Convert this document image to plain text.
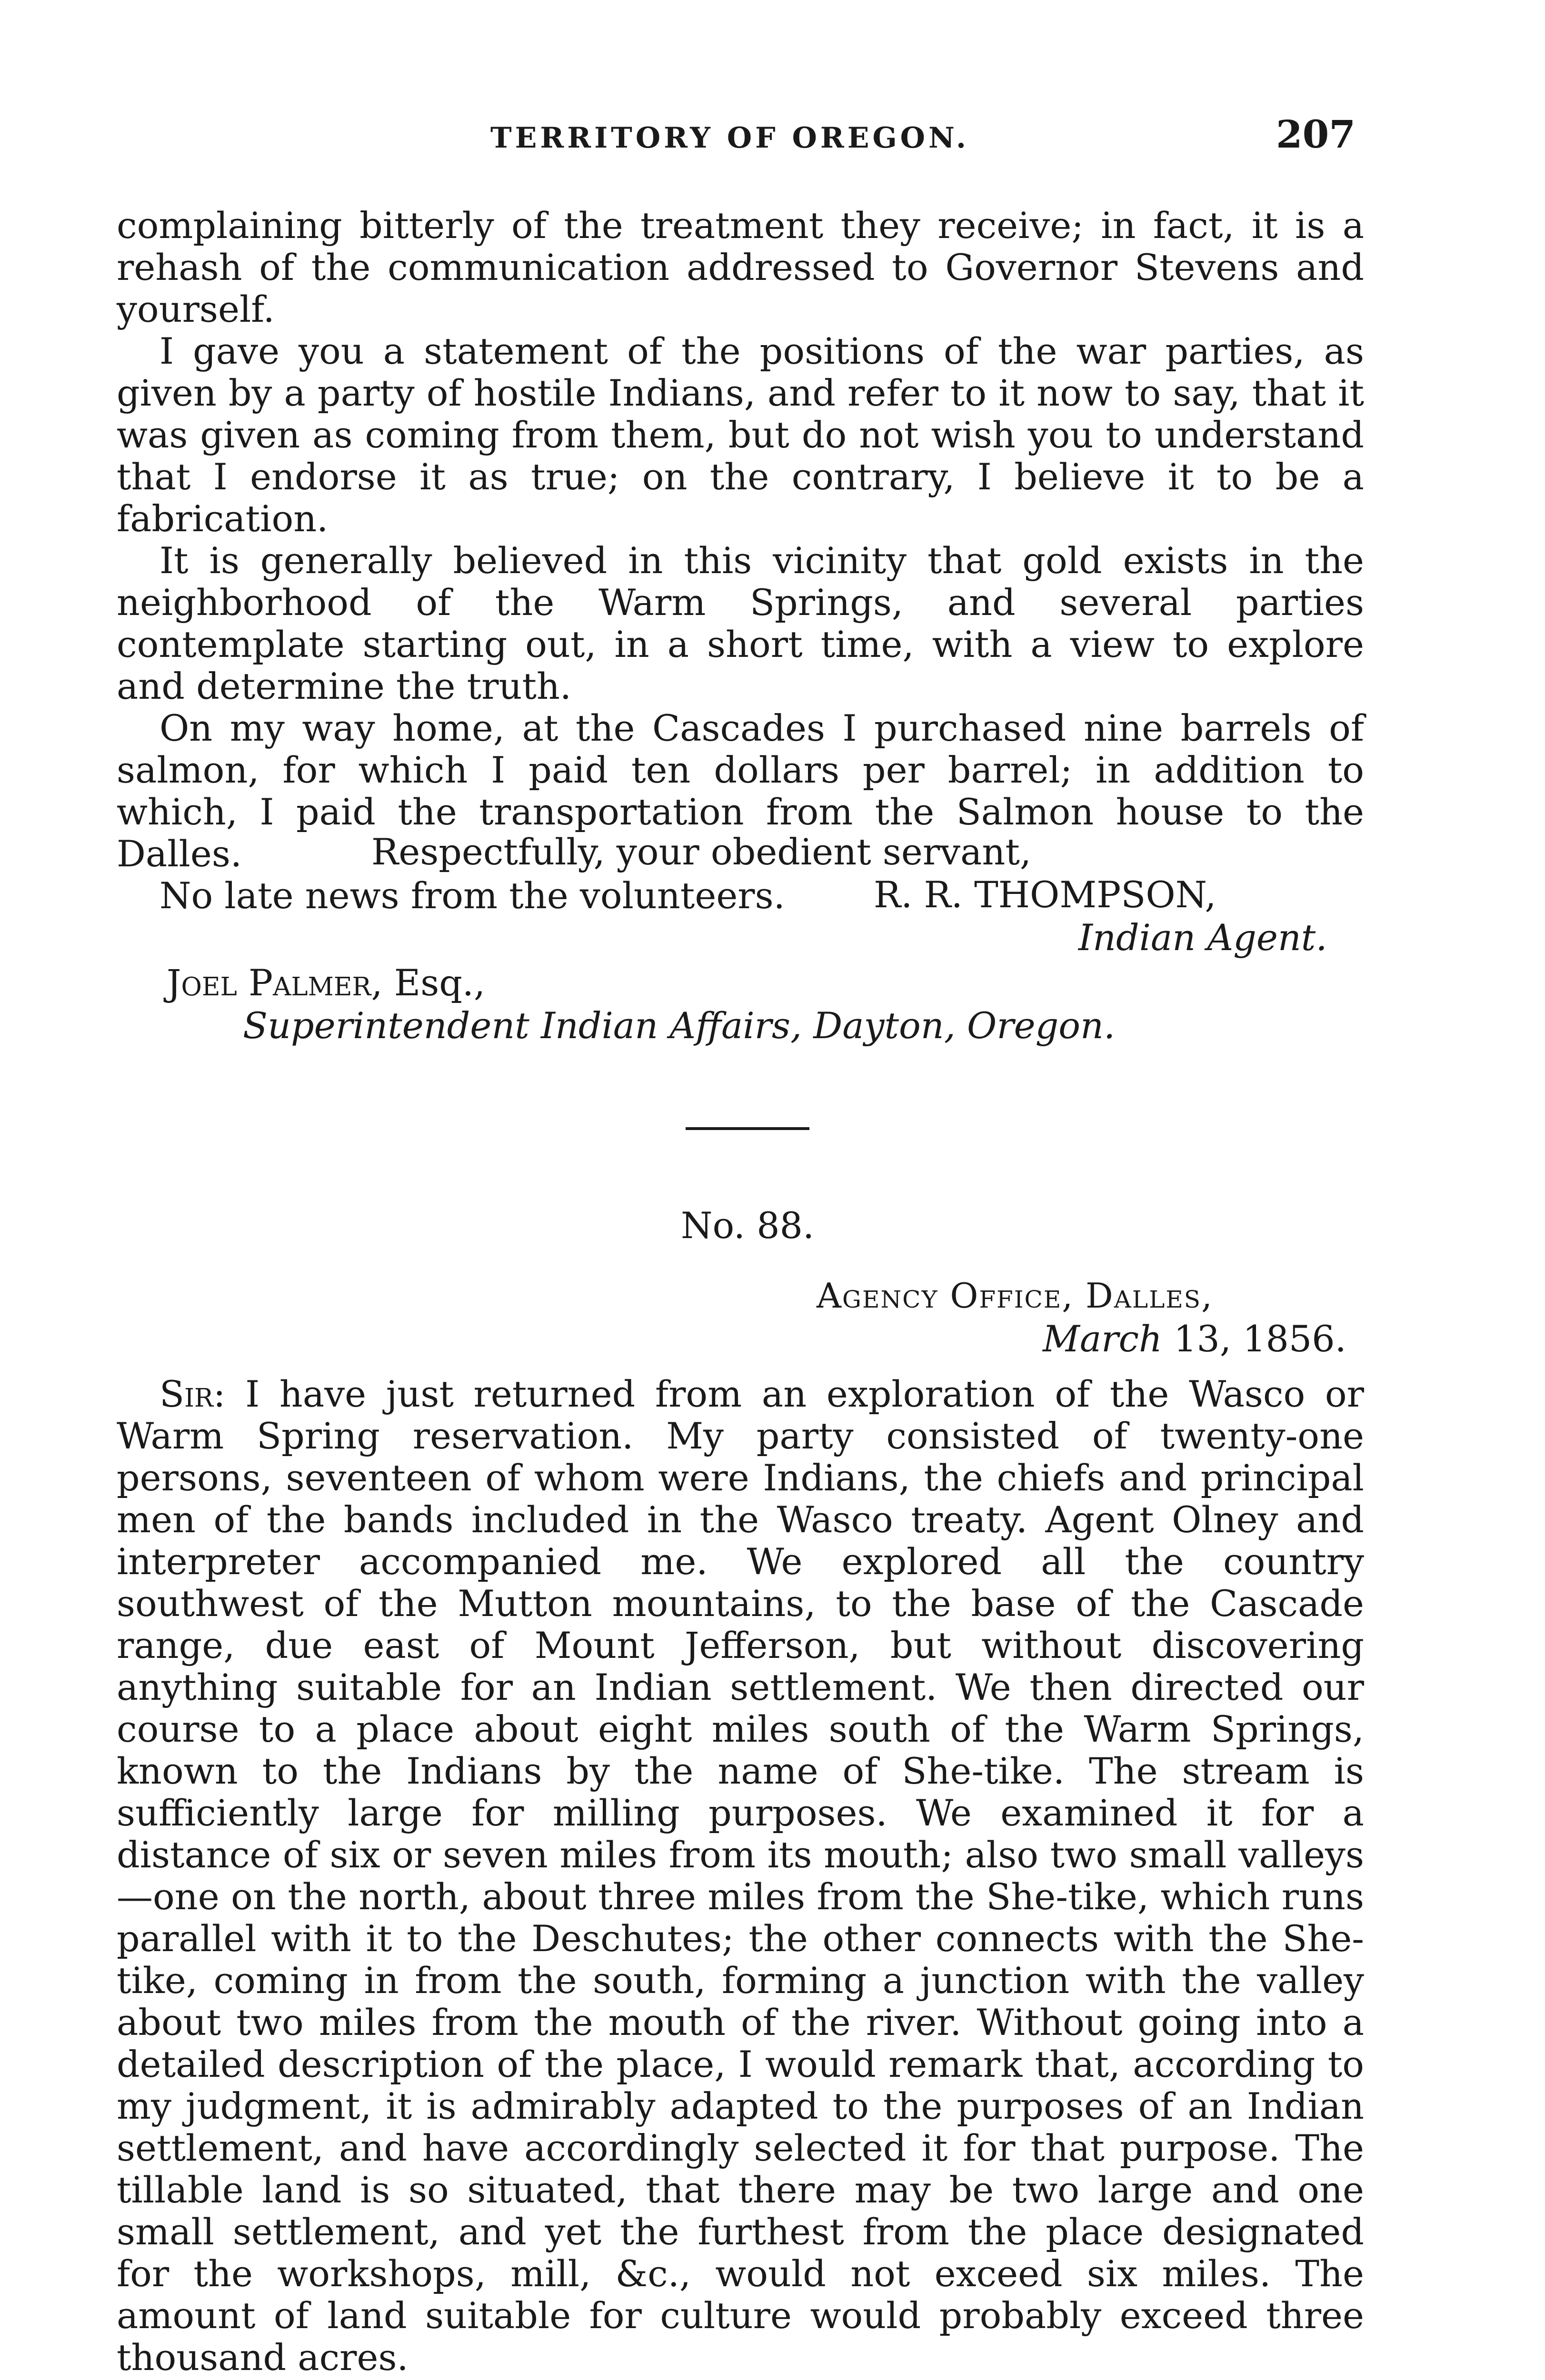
TERRITORY OF OREGON.	207

complaining bitterly of the treatment they receive; in fact, it is a rehash of the communication addressed to Governor Stevens and yourself.

I gave you a statement of the positions of the war parties, as given by a party of hostile Indians, and refer to it now to say, that it was given as coming from them, but do not wish you to understand that I endorse it as true; on the contrary, I believe it to be a fabrication.

It is generally believed in this vicinity that gold exists in the neighborhood of the Warm Springs, and several parties contemplate starting out, in a short time, with a view to explore and determine the truth.

On my way home, at the Cascades I purchased nine barrels of salmon, for which I paid ten dollars per barrel; in addition to which, I paid the transportation from the Salmon house to the Dalles.

No late news from the volunteers.

Respectfully, your obedient servant,
R. R. THOMPSON,
Indian Agent.
Joel Palmer, Esq.,
Superintendent Indian Affairs, Dayton, Oregon.
No. 88.
Agency Office, Dalles,
March 13, 1856.

Sir: I have just returned from an exploration of the Wasco or Warm Spring reservation. My party consisted of twenty-one persons, seventeen of whom were Indians, the chiefs and principal men of the bands included in the Wasco treaty. Agent Olney and interpreter accompanied me. We explored all the country southwest of the Mutton mountains, to the base of the Cascade range, due east of Mount Jefferson, but without discovering anything suitable for an Indian settlement. We then directed our course to a place about eight miles south of the Warm Springs, known to the Indians by the name of She-tike. The stream is sufficiently large for milling purposes. We examined it for a distance of six or seven miles from its mouth; also two small valleys—one on the north, about three miles from the She-tike, which runs parallel with it to the Deschutes; the other connects with the She-tike, coming in from the south, forming a junction with the valley about two miles from the mouth of the river. Without going into a detailed description of the place, I would remark that, according to my judgment, it is admirably adapted to the purposes of an Indian settlement, and have accordingly selected it for that purpose. The tillable land is so situated, that there may be two large and one small settlement, and yet the furthest from the place designated for the workshops, mill, &c., would not exceed six miles. The amount of land suitable for culture would probably exceed three thousand acres.
